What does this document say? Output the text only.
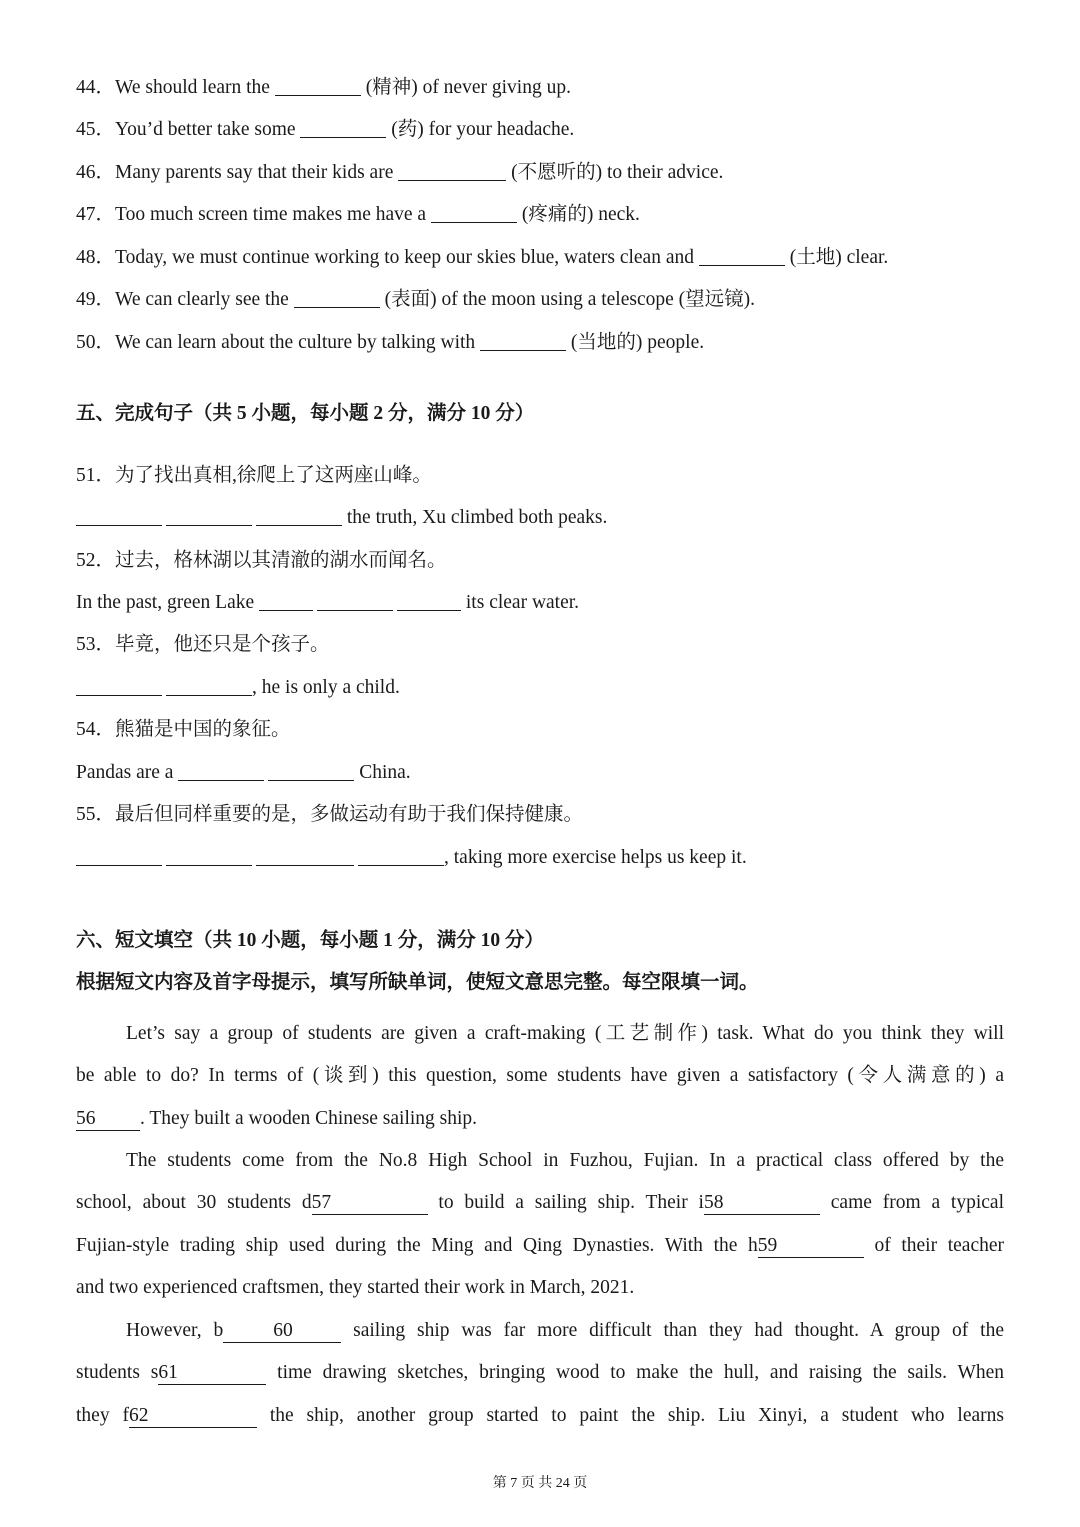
44．We should learn the	(精神) of never giving up.
45．You’d better take some	(药) for your headache.
46．Many parents say that their kids are	(不愿听的) to their advice.
47．Too much screen time makes me have a	(疼痛的) neck.
48．Today, we must continue working to keep our skies blue, waters clean and	(土地) clear.
49．We can clearly see the	(表面) of the moon using a telescope (望远镜).
50．We can learn about the culture by talking with	(当地的) people.
五、完成句子（共 5 小题，每小题 2 分，满分 10 分）
51．为了找出真相,徐爬上了这两座山峰。
the truth, Xu climbed both peaks.
52．过去，格林湖以其清澈的湖水而闻名。
In the past, green Lake	its clear water.
53．毕竟，他还只是个孩子。
, he is only a child.
54．熊猫是中国的象征。
Pandas are a	China.
55．最后但同样重要的是，多做运动有助于我们保持健康。
, taking more exercise helps us keep it.
六、短文填空（共 10 小题，每小题 1 分，满分 10 分）
根据短文内容及首字母提示，填写所缺单词，使短文意思完整。每空限填一词。
Let’s say a group of students are given a craft-making (工艺制作) task. What do you think they will
be able to do? In terms of (谈到) this question, some students have given a satisfactory (令人满意的) a
56 . They built a wooden Chinese sailing ship.
The students come from the No.8 High School in Fuzhou, Fujian. In a practical class offered by the
school, about 30 students d57	to build a sailing ship. Their i58	came from a typical
Fujian-style trading ship used during the Ming and Qing Dynasties. With the h59	of their teacher
and two experienced craftsmen, they started their work in March, 2021.
However, b	60	sailing ship was far more difficult than they had thought. A group of the
students s61	time drawing sketches, bringing wood to make the hull, and raising the sails. When
they f62	the ship, another group started to paint the ship. Liu Xinyi, a student who learns
第 7 页 共 24 页
